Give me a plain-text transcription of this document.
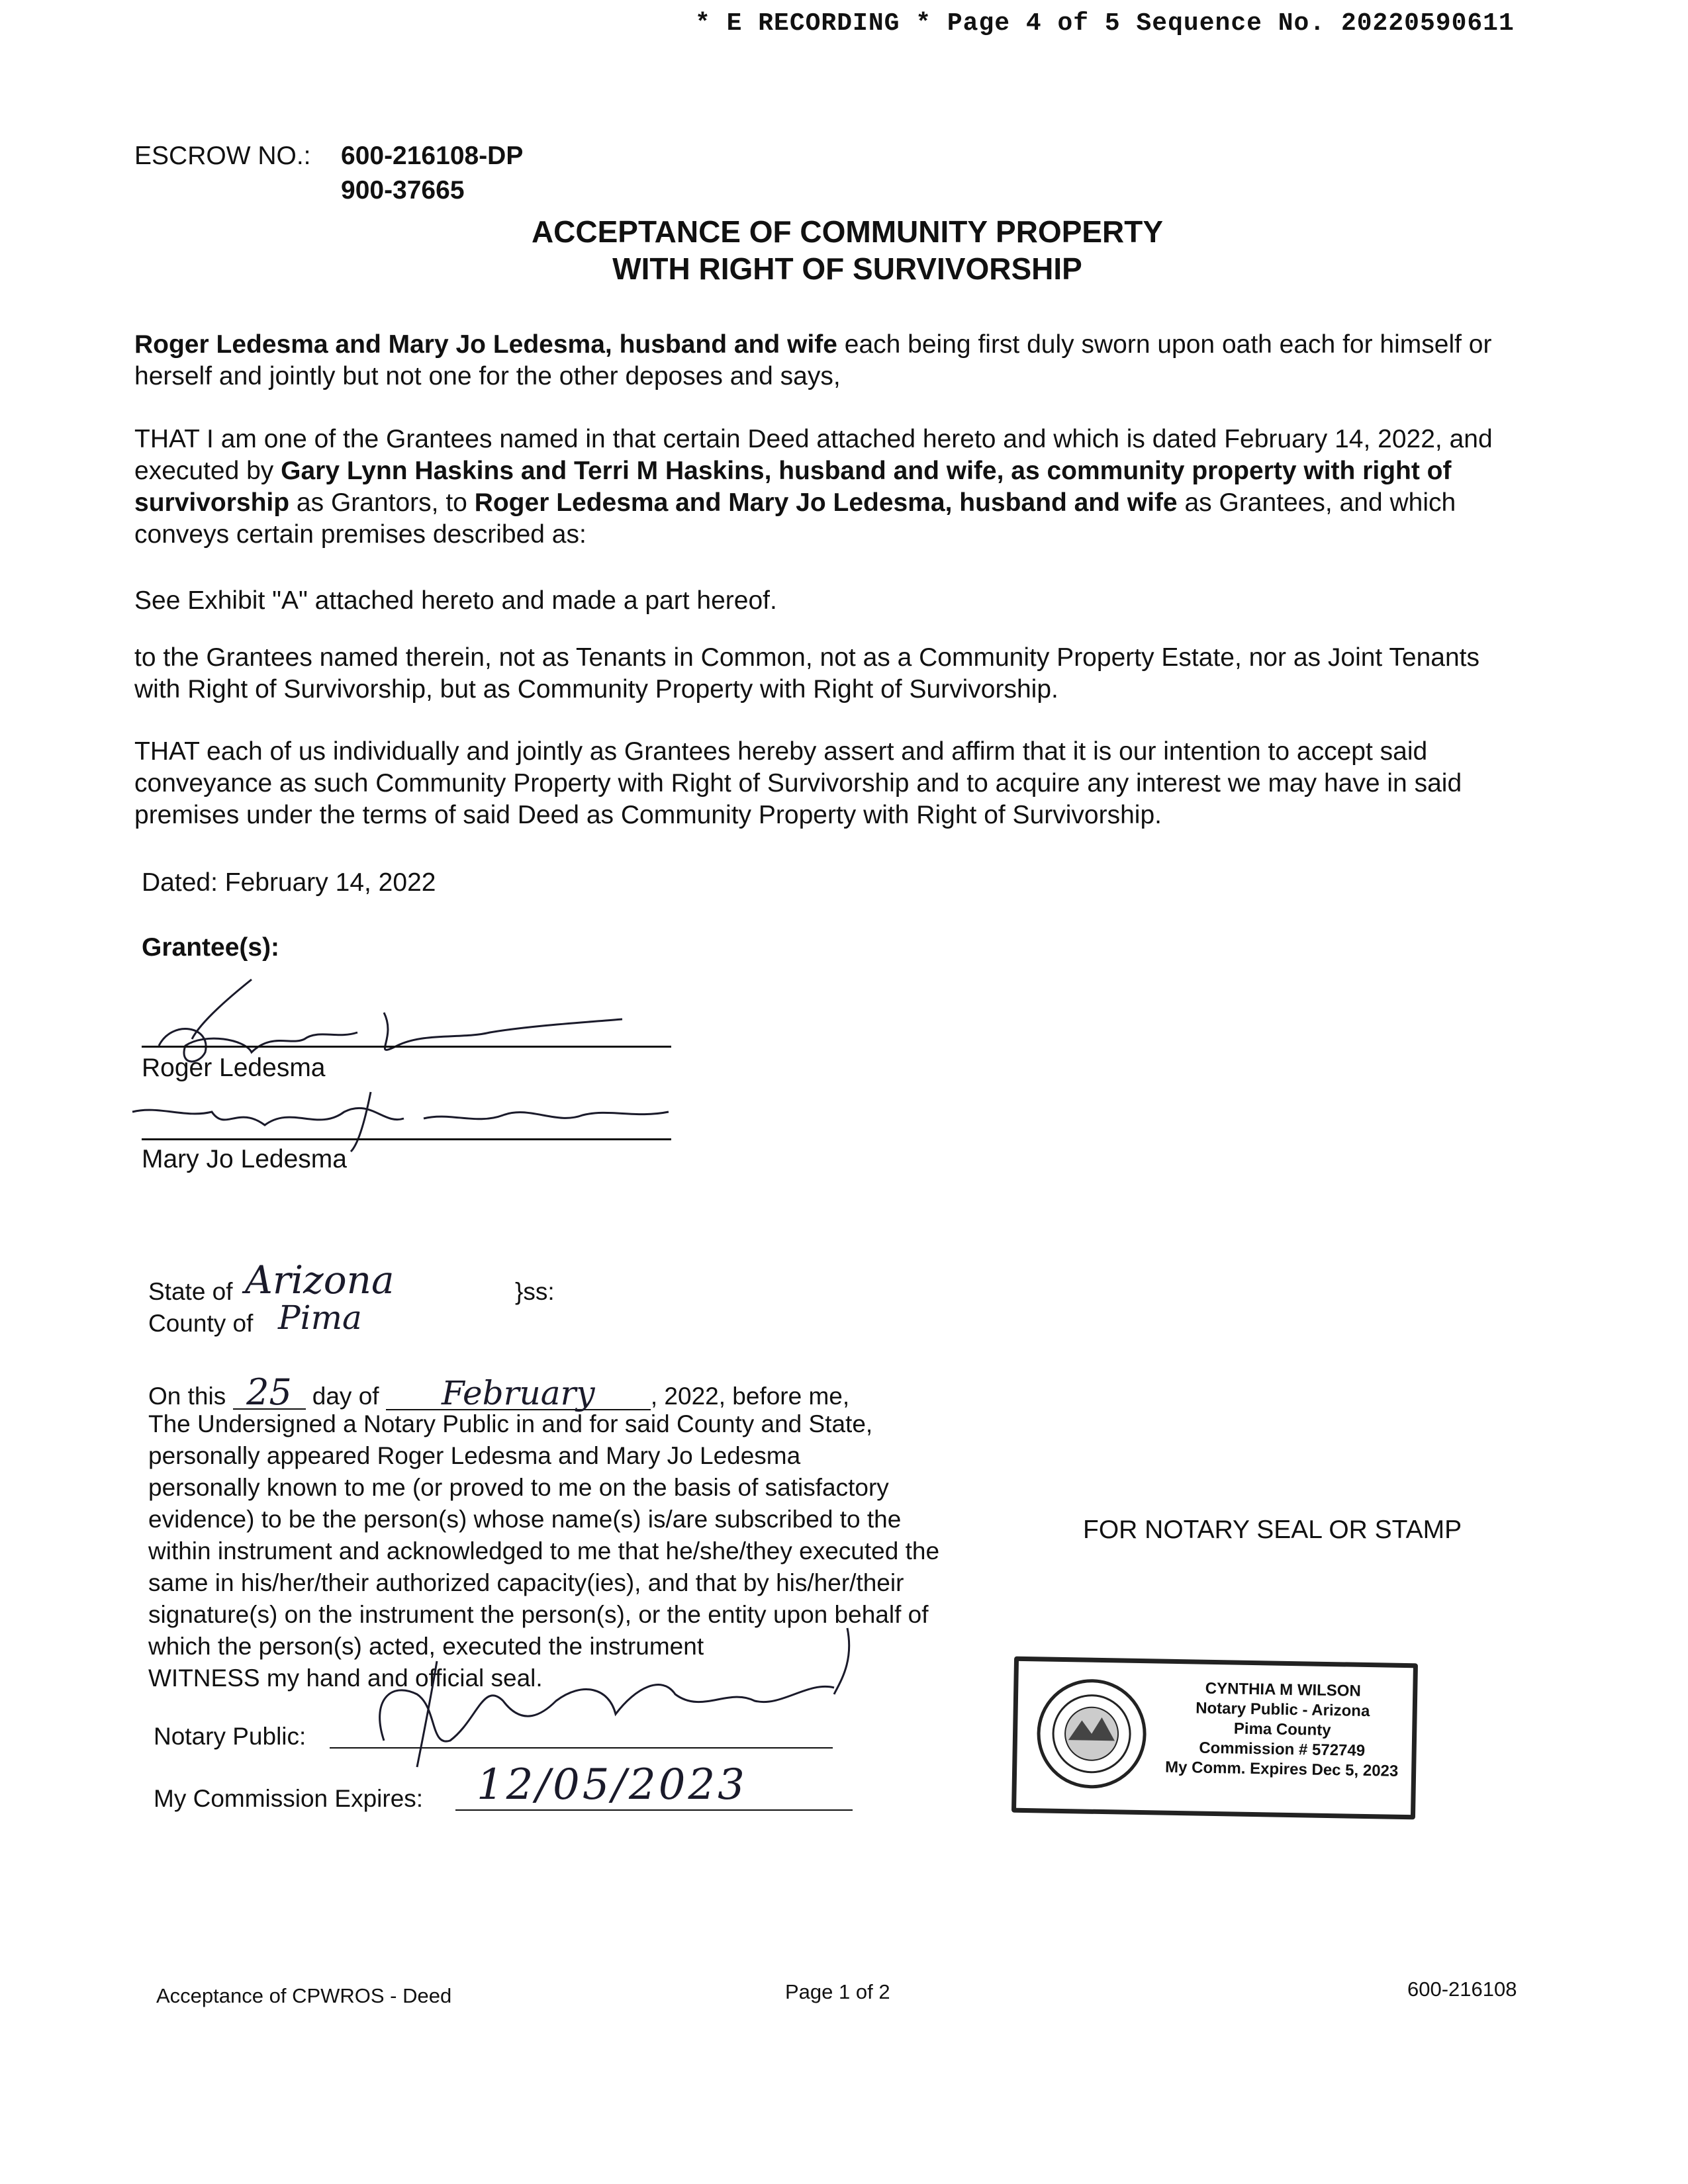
* E RECORDING * Page 4 of 5 Sequence No. 20220590611
ESCROW NO.: 600-216108-DP
900-37665
ACCEPTANCE OF COMMUNITY PROPERTY
WITH RIGHT OF SURVIVORSHIP
Roger Ledesma and Mary Jo Ledesma, husband and wife each being first duly sworn upon oath each for himself or herself and jointly but not one for the other deposes and says,
THAT I am one of the Grantees named in that certain Deed attached hereto and which is dated February 14, 2022, and executed by Gary Lynn Haskins and Terri M Haskins, husband and wife, as community property with right of survivorship as Grantors, to Roger Ledesma and Mary Jo Ledesma, husband and wife as Grantees, and which conveys certain premises described as:
See Exhibit "A" attached hereto and made a part hereof.
to the Grantees named therein, not as Tenants in Common, not as a Community Property Estate, nor as Joint Tenants with Right of Survivorship, but as Community Property with Right of Survivorship.
THAT each of us individually and jointly as Grantees hereby assert and affirm that it is our intention to accept said conveyance as such Community Property with Right of Survivorship and to acquire any interest we may have in said premises under the terms of said Deed as Community Property with Right of Survivorship.
Dated: February 14, 2022
Grantee(s):
Roger Ledesma
Mary Jo Ledesma
State of Arizona	}ss:
County of Pima
On this 25 day of February , 2022, before me,
The Undersigned a Notary Public in and for said County and State,
personally appeared Roger Ledesma and Mary Jo Ledesma
personally known to me (or proved to me on the basis of satisfactory
evidence) to be the person(s) whose name(s) is/are subscribed to the
within instrument and acknowledged to me that he/she/they executed the
same in his/her/their authorized capacity(ies), and that by his/her/their
signature(s) on the instrument the person(s), or the entity upon behalf of
which the person(s) acted, executed the instrument
WITNESS my hand and official seal.
Notary Public:
My Commission Expires: 12/05/2023
FOR NOTARY SEAL OR STAMP
CYNTHIA M WILSON
Notary Public - Arizona
Pima County
Commission # 572749
My Comm. Expires Dec 5, 2023
Acceptance of CPWROS - Deed	Page 1 of 2	600-216108
